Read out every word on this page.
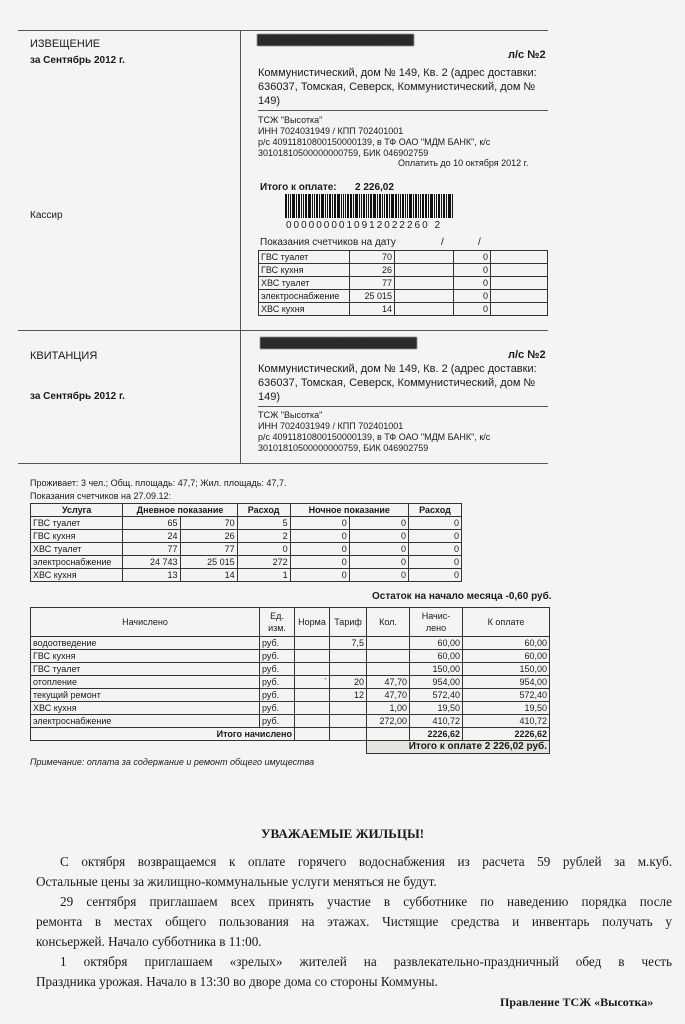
ИЗВЕЩЕНИЕ
за Сентябрь 2012 г.
Кассир
Булычева Надежда Васильевна
л/с №2
Коммунистический, дом № 149, Кв. 2 (адрес доставки:
636037, Томская, Северск, Коммунистический, дом №
149)
ТСЖ "Высотка"
ИНН 7024031949 / КПП 702401001
р/с 40911810800150000139, в ТФ ОАО "МДМ БАНК", к/с
30101810500000000759, БИК 046902759
Оплатить до 10 октября 2012 г.
Итого к оплате: 2 226,02
0000000010912022260 2
Показания счетчиков на дату	/	/
ГВС туалет	70		0	
ГВС кухня	26		0	
ХВС туалет	77		0	
электроснабжение	25 015		0	
ХВС кухня	14		0	
КВИТАНЦИЯ
за Сентябрь 2012 г.
Булычева Надежда Васильевна
л/с №2
Коммунистический, дом № 149, Кв. 2 (адрес доставки:
636037, Томская, Северск, Коммунистический, дом №
149)
ТСЖ "Высотка"
ИНН 7024031949 / КПП 702401001
р/с 40911810800150000139, в ТФ ОАО "МДМ БАНК", к/с
30101810500000000759, БИК 046902759
Проживает: 3 чел.; Общ. площадь: 47,7; Жил. площадь: 47,7.
Показания счетчиков на 27.09.12:
Услуга	Дневное показание		Расход	Ночное показание		Расход
ГВС туалет	65	70	5	0	0	0
ГВС кухня	24	26	2	0	0	0
ХВС туалет	77	77	0	0	0	0
электроснабжение	24 743	25 015	272	0	0	0
ХВС кухня	13	14	1	0	0	0
Остаток на начало месяца -0,60 руб.
Начислено	Ед. изм.	Норма	Тариф	Кол.	Начис-лено	К оплате
водоотведение	руб.		7,5		60,00	60,00
ГВС кухня	руб.				60,00	60,00
ГВС туалет	руб.				150,00	150,00
отопление	руб.	`	20	47,70	954,00	954,00
текущий ремонт	руб.		12	47,70	572,40	572,40
ХВС кухня	руб.			1,00	19,50	19,50
электроснабжение	руб.			272,00	410,72	410,72
Итого начислено					2226,62	2226,62
				Итого к оплате 2 226,02 руб.		
Примечание: оплата за содержание и ремонт общего имущества
УВАЖАЕМЫЕ ЖИЛЬЦЫ!
С октября возвращаемся к оплате горячего водоснабжения из расчета 59 рублей за м.куб.
Остальные цены за жилищно-коммунальные услуги меняться не будут.
29 сентября приглашаем всех принять участие в субботнике по наведению порядка после
ремонта в местах общего пользования на этажах. Чистящие средства и инвентарь получать у
консьержей. Начало субботника в 11:00.
1 октября приглашаем «зрелых» жителей на развлекательно-праздничный обед в честь
Праздника урожая. Начало в 13:30 во дворе дома со стороны Коммуны.
Правление ТСЖ «Высотка»
